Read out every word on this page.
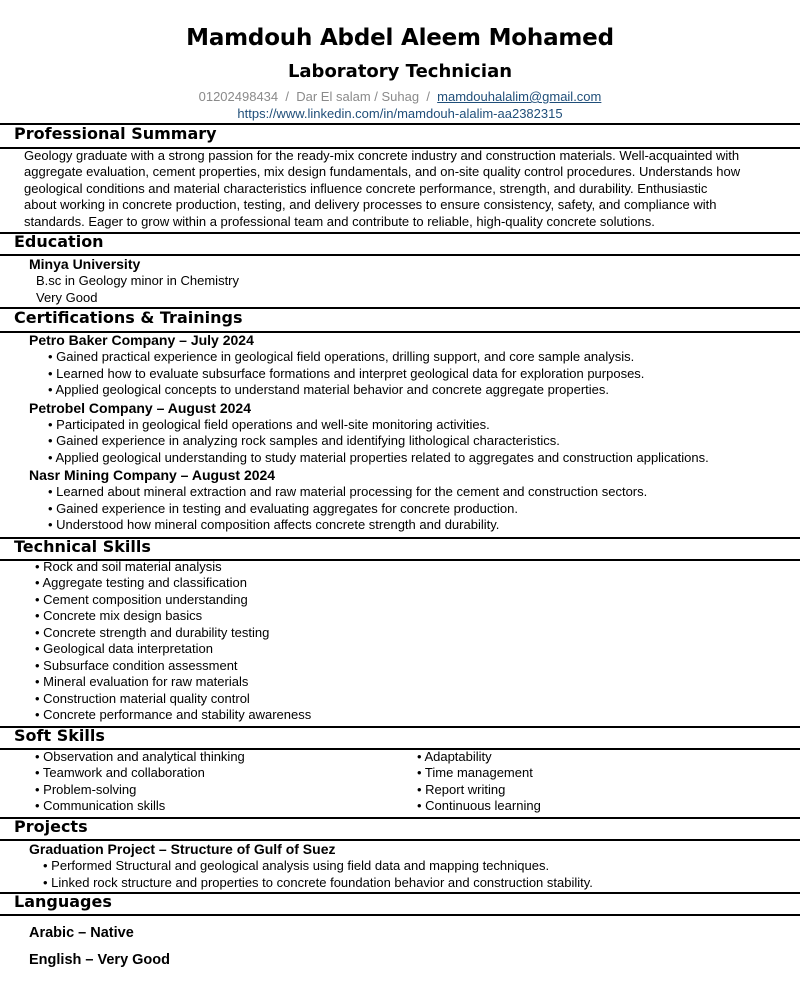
Mamdouh Abdel Aleem Mohamed
Laboratory Technician
01202498434 / Dar El salam / Suhag / mamdouhalalim@gmail.com
https://www.linkedin.com/in/mamdouh-alalim-aa2382315
Professional Summary
Geology graduate with a strong passion for the ready-mix concrete industry and construction materials. Well-acquainted with
aggregate evaluation, cement properties, mix design fundamentals, and on-site quality control procedures. Understands how
geological conditions and material characteristics influence concrete performance, strength, and durability. Enthusiastic
about working in concrete production, testing, and delivery processes to ensure consistency, safety, and compliance with
standards. Eager to grow within a professional team and contribute to reliable, high-quality concrete solutions.
Education
Minya University
B.sc in Geology minor in Chemistry
Very Good
Certifications & Trainings
Petro Baker Company – July 2024
• Gained practical experience in geological field operations, drilling support, and core sample analysis.
• Learned how to evaluate subsurface formations and interpret geological data for exploration purposes.
• Applied geological concepts to understand material behavior and concrete aggregate properties.
Petrobel Company – August 2024
• Participated in geological field operations and well-site monitoring activities.
• Gained experience in analyzing rock samples and identifying lithological characteristics.
• Applied geological understanding to study material properties related to aggregates and construction applications.
Nasr Mining Company – August 2024
• Learned about mineral extraction and raw material processing for the cement and construction sectors.
• Gained experience in testing and evaluating aggregates for concrete production.
• Understood how mineral composition affects concrete strength and durability.
Technical Skills
• Rock and soil material analysis
• Aggregate testing and classification
• Cement composition understanding
• Concrete mix design basics
• Concrete strength and durability testing
• Geological data interpretation
• Subsurface condition assessment
• Mineral evaluation for raw materials
• Construction material quality control
• Concrete performance and stability awareness
Soft Skills
• Observation and analytical thinking
• Teamwork and collaboration
• Problem-solving
• Communication skills
• Adaptability
• Time management
• Report writing
• Continuous learning
Projects
Graduation Project – Structure of Gulf of Suez
• Performed Structural and geological analysis using field data and mapping techniques.
• Linked rock structure and properties to concrete foundation behavior and construction stability.
Languages
Arabic – Native
English – Very Good
